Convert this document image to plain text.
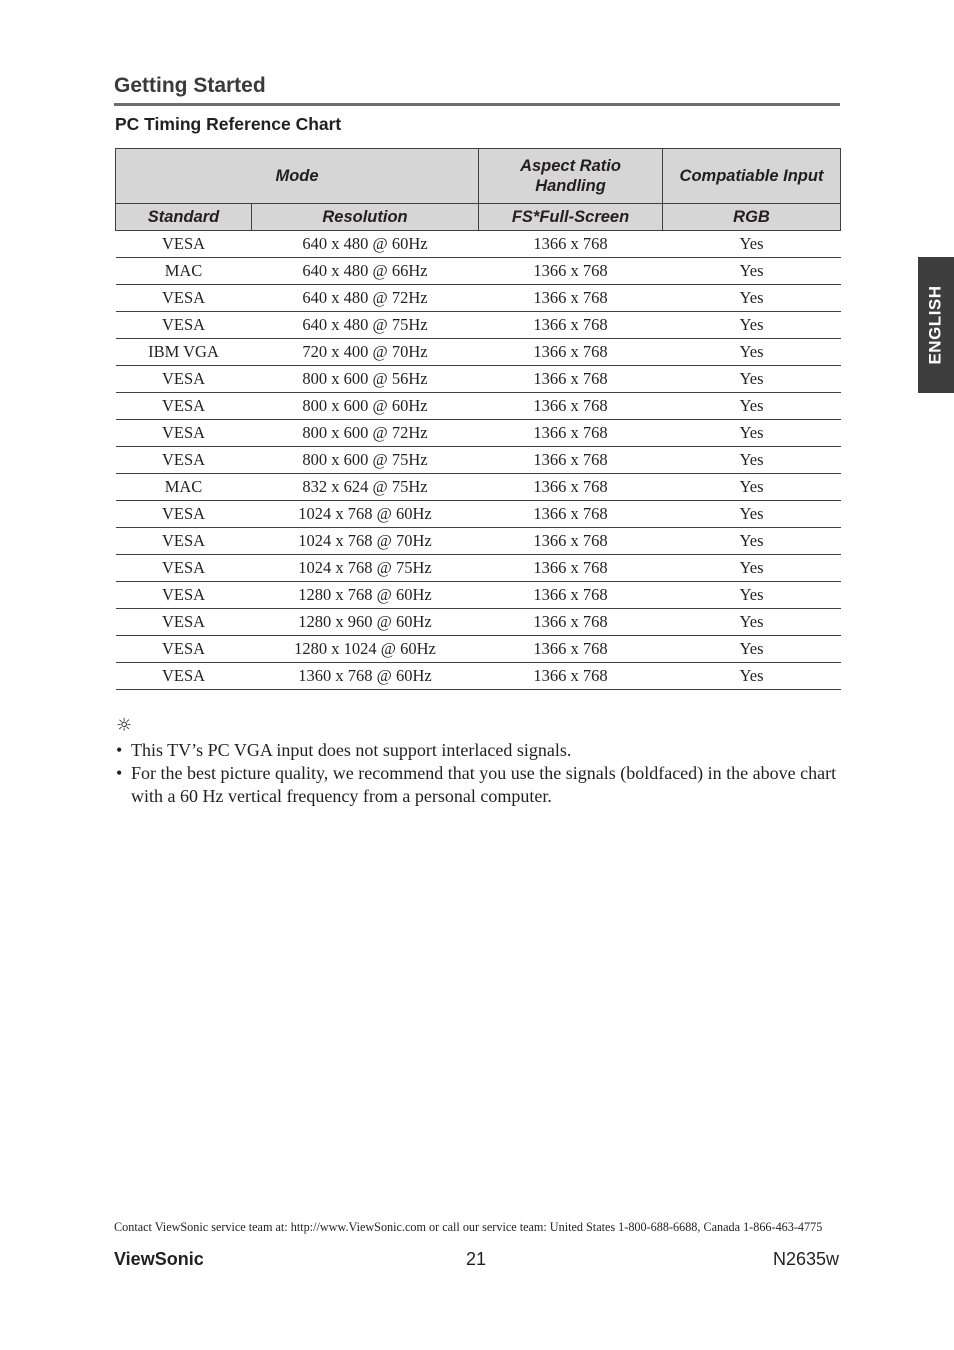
Getting Started
PC Timing Reference Chart
ENGLISH
Mode		Aspect Ratio Handling	Compatiable Input
Standard	Resolution	FS*Full-Screen	RGB
VESA	640 x 480 @ 60Hz	1366 x 768	Yes
MAC	640 x 480 @ 66Hz	1366 x 768	Yes
VESA	640 x 480 @ 72Hz	1366 x 768	Yes
VESA	640 x 480 @ 75Hz	1366 x 768	Yes
IBM VGA	720 x 400 @ 70Hz	1366 x 768	Yes
VESA	800 x 600 @ 56Hz	1366 x 768	Yes
VESA	800 x 600 @ 60Hz	1366 x 768	Yes
VESA	800 x 600 @ 72Hz	1366 x 768	Yes
VESA	800 x 600 @ 75Hz	1366 x 768	Yes
MAC	832 x 624 @ 75Hz	1366 x 768	Yes
VESA	1024 x 768 @ 60Hz	1366 x 768	Yes
VESA	1024 x 768 @ 70Hz	1366 x 768	Yes
VESA	1024 x 768 @ 75Hz	1366 x 768	Yes
VESA	1280 x 768 @ 60Hz	1366 x 768	Yes
VESA	1280 x 960 @ 60Hz	1366 x 768	Yes
VESA	1280 x 1024 @ 60Hz	1366 x 768	Yes
VESA	1360 x 768 @ 60Hz	1366 x 768	Yes
☼
• This TV’s PC VGA input does not support interlaced signals.
• For the best picture quality, we recommend that you use the signals (boldfaced) in the above chart with a 60 Hz vertical frequency from a personal computer.
Contact ViewSonic service team at: http://www.ViewSonic.com or call our service team: United States 1-800-688-6688, Canada 1-866-463-4775
ViewSonic	21	N2635w
